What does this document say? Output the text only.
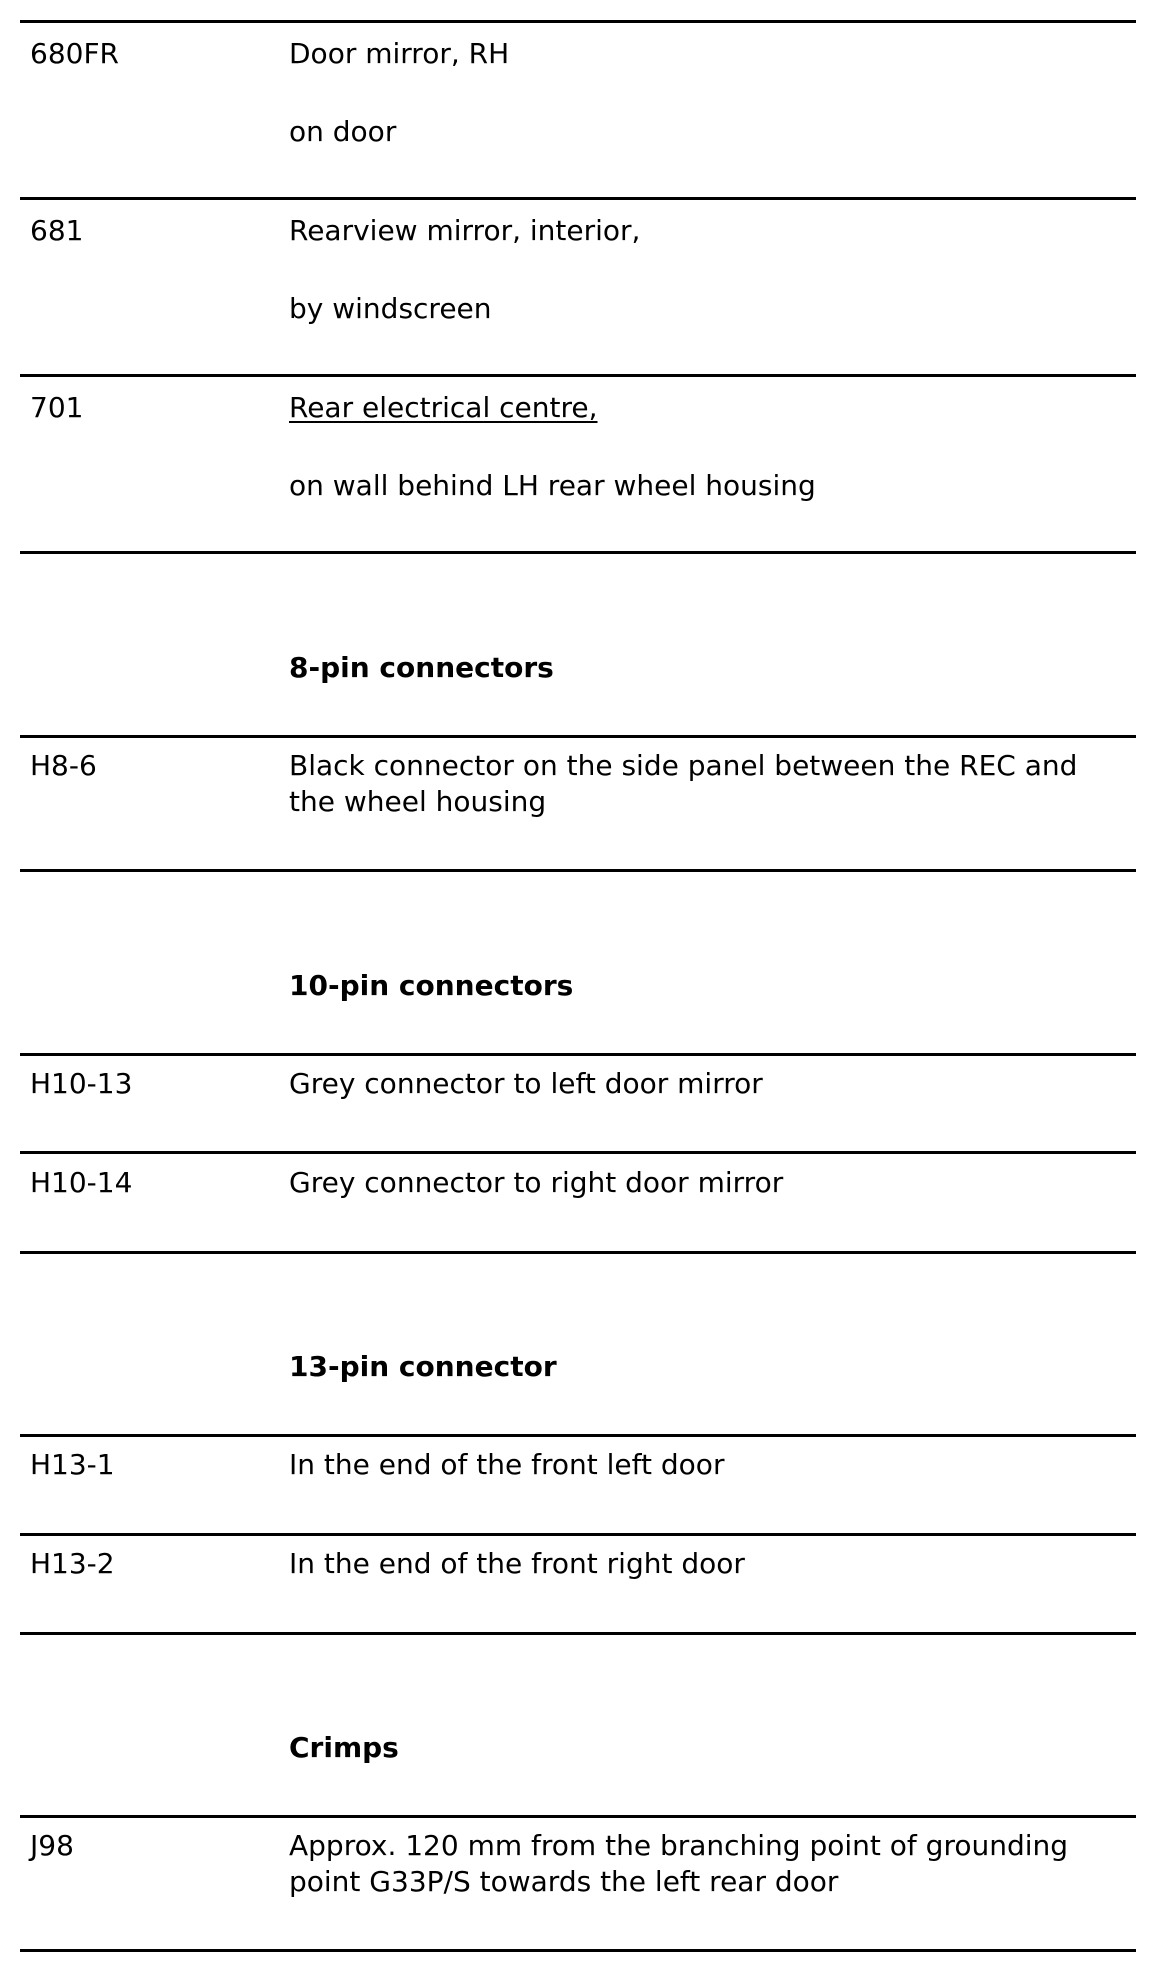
680FR	Door mirror, RH
on door
681	Rearview mirror, interior,
by windscreen
701	Rear electrical centre,
on wall behind LH rear wheel housing
8-pin connectors
H8-6	Black connector on the side panel between the REC and the wheel housing
10-pin connectors
H10-13	Grey connector to left door mirror
H10-14	Grey connector to right door mirror
13-pin connector
H13-1	In the end of the front left door
H13-2	In the end of the front right door
Crimps
J98	Approx. 120 mm from the branching point of grounding point G33P/S towards the left rear door
